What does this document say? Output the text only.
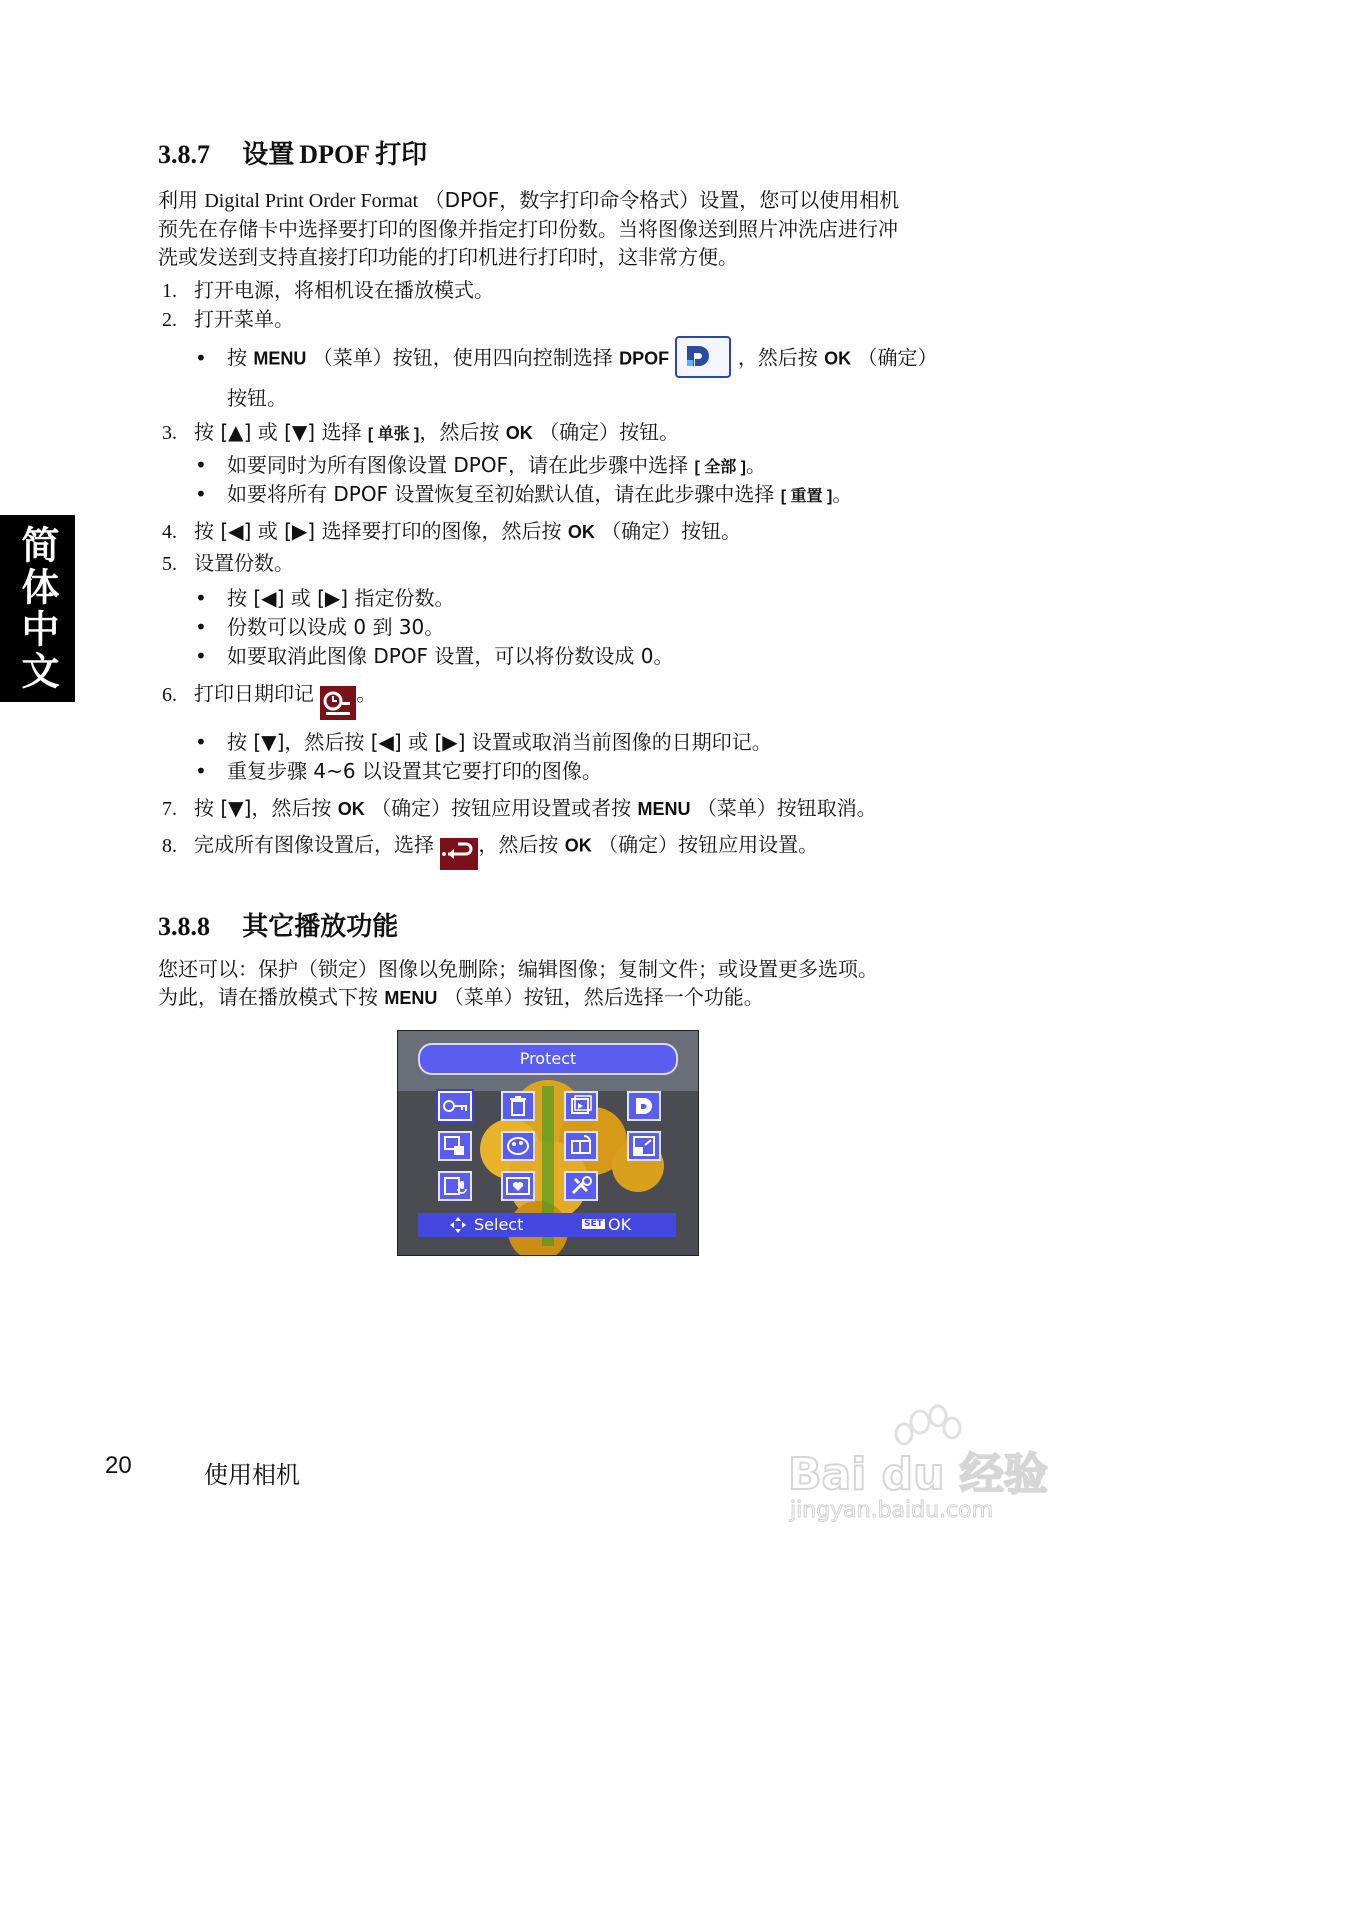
简体中文
3.8.7 设置 DPOF 打印
利用 Digital Print Order Format （DPOF，数字打印命令格式）设置，您可以使用相机
预先在存储卡中选择要打印的图像并指定打印份数。当将图像送到照片冲洗店进行冲
洗或发送到支持直接打印功能的打印机进行打印时，这非常方便。
1. 打开电源，将相机设在播放模式。
2. 打开菜单。
• 按 MENU （菜单）按钮，使用四向控制选择 DPOF	，然后按 OK （确定）
按钮。
3. 按 [▲] 或 [▼] 选择 [ 单张 ]，然后按 OK （确定）按钮。
• 如要同时为所有图像设置 DPOF，请在此步骤中选择 [ 全部 ]。
• 如要将所有 DPOF 设置恢复至初始默认值，请在此步骤中选择 [ 重置 ]。
4. 按 [◀] 或 [▶] 选择要打印的图像，然后按 OK （确定）按钮。
5. 设置份数。
• 按 [◀] 或 [▶] 指定份数。
• 份数可以设成 0 到 30。
• 如要取消此图像 DPOF 设置，可以将份数设成 0。
6. 打印日期印记 。
• 按 [▼]，然后按 [◀] 或 [▶] 设置或取消当前图像的日期印记。
• 重复步骤 4~6 以设置其它要打印的图像。
7. 按 [▼]，然后按 OK （确定）按钮应用设置或者按 MENU （菜单）按钮取消。
8. 完成所有图像设置后，选择 ，然后按 OK （确定）按钮应用设置。
3.8.8 其它播放功能
您还可以：保护（锁定）图像以免删除；编辑图像；复制文件；或设置更多选项。
为此，请在播放模式下按 MENU （菜单）按钮，然后选择一个功能。
Protect
Select	SET OK
20	使用相机	Bai du 经验
jingyan.baidu.com
